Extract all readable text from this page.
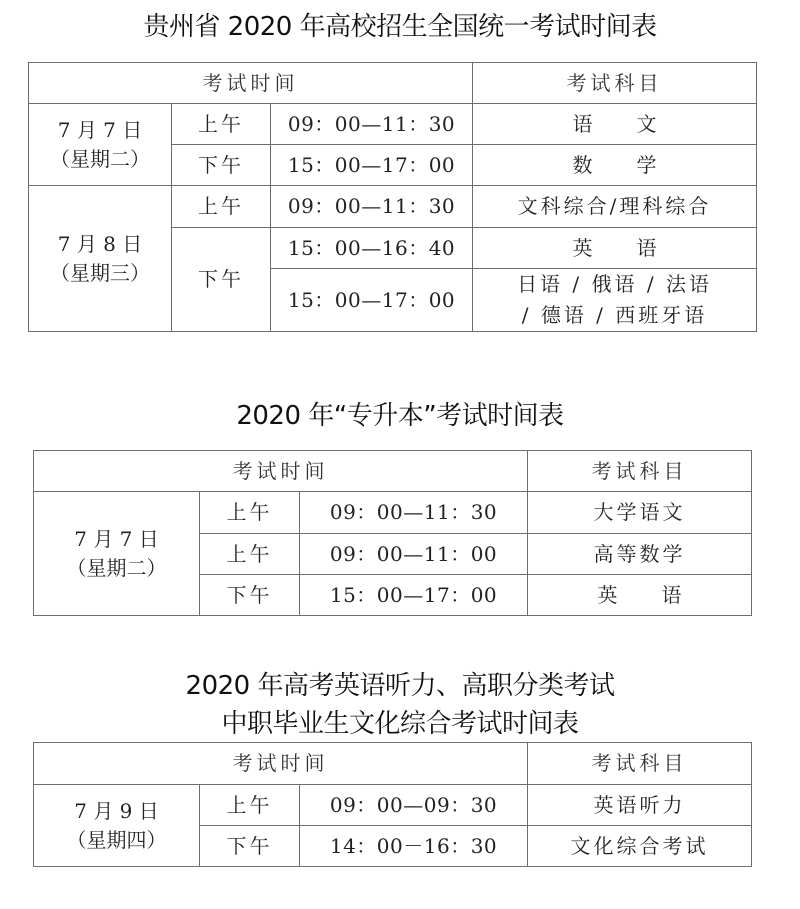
贵州省 2020 年高校招生全国统一考试时间表
考试时间			考试科目

7 月 7 日
（星期二）	上午	09：00—11：30	语文
	下午	15：00—17：00	数学

7 月 8 日
（星期三）	上午	09：00—11：30	文科综合/理科综合
	下午	15：00—16：40	英语
		15：00—17：00	日语 / 俄语 / 法语 / 德语 / 西班牙语
2020 年“专升本”考试时间表
考试时间			考试科目

7 月 7 日
（星期二）	上午	09：00—11：30	大学语文
	上午	09：00—11：00	高等数学
	下午	15：00—17：00	英语
2020 年高考英语听力、高职分类考试
中职毕业生文化综合考试时间表
考试时间			考试科目

7 月 9 日
（星期四）	上午	09：00—09：30	英语听力
	下午	14：00－16：30	文化综合考试
